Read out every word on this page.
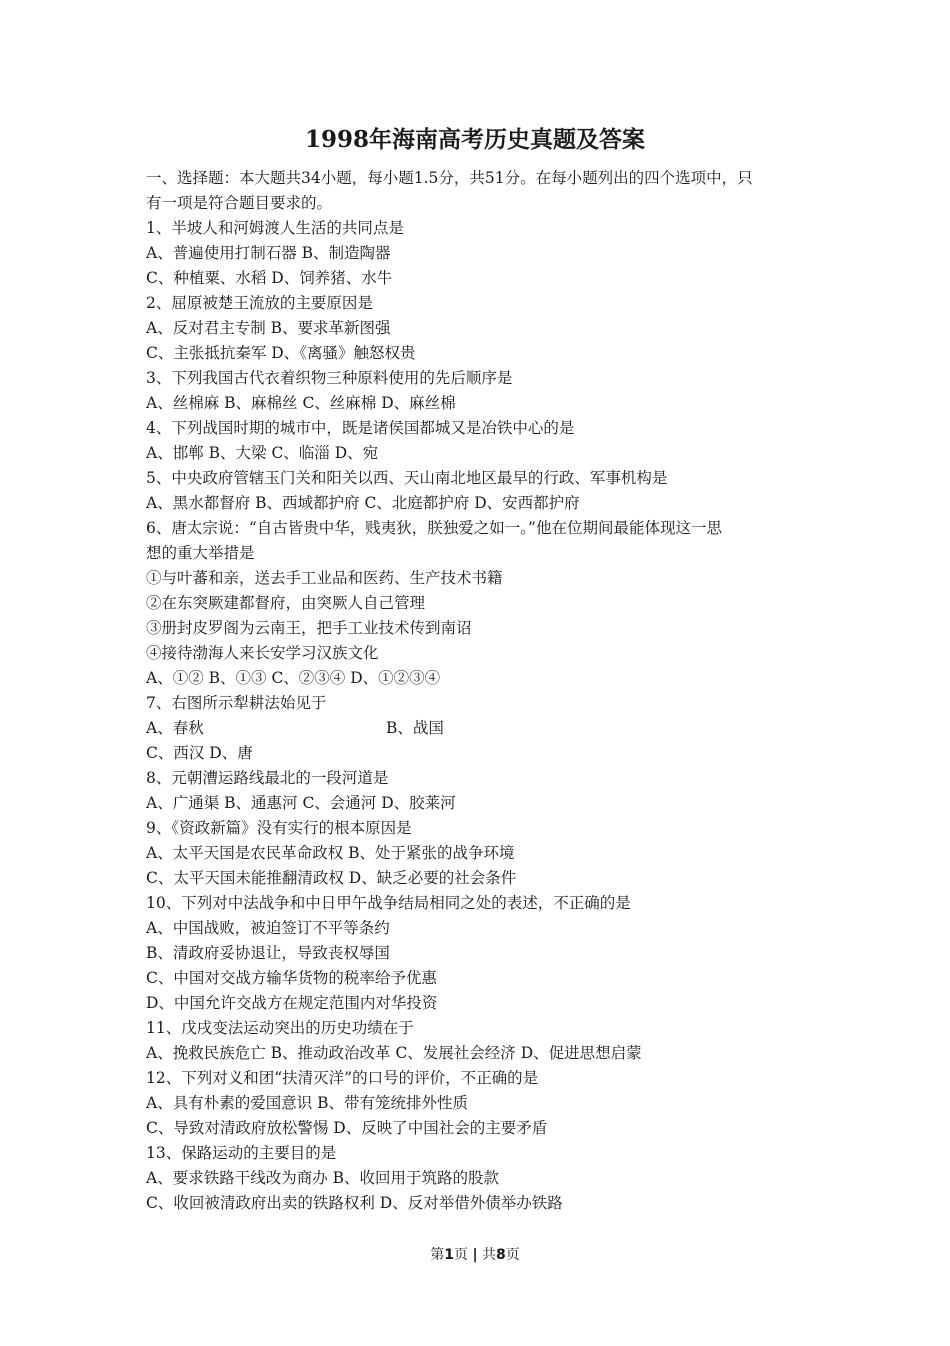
1998年海南高考历史真题及答案
一、选择题：本大题共34小题，每小题1.5分，共51分。在每小题列出的四个选项中，只
有一项是符合题目要求的。
1、半坡人和河姆渡人生活的共同点是
A、普遍使用打制石器 B、制造陶器
C、种植粟、水稻 D、饲养猪、水牛
2、屈原被楚王流放的主要原因是
A、反对君主专制 B、要求革新图强
C、主张抵抗秦军 D、《离骚》触怒权贵
3、下列我国古代衣着织物三种原料使用的先后顺序是
A、丝棉麻 B、麻棉丝 C、丝麻棉 D、麻丝棉
4、下列战国时期的城市中，既是诸侯国都城又是冶铁中心的是
A、邯郸 B、大梁 C、临淄 D、宛
5、中央政府管辖玉门关和阳关以西、天山南北地区最早的行政、军事机构是
A、黑水都督府 B、西域都护府 C、北庭都护府 D、安西都护府
6、唐太宗说：“自古皆贵中华，贱夷狄，朕独爱之如一。”他在位期间最能体现这一思
想的重大举措是
①与叶蕃和亲，送去手工业品和医药、生产技术书籍
②在东突厥建都督府，由突厥人自己管理
③册封皮罗阁为云南王，把手工业技术传到南诏
④接待渤海人来长安学习汉族文化
A、①② B、①③ C、②③④ D、①②③④
7、右图所示犁耕法始见于
A、春秋	B、战国
C、西汉 D、唐
8、元朝漕运路线最北的一段河道是
A、广通渠 B、通惠河 C、会通河 D、胶莱河
9、《资政新篇》没有实行的根本原因是
A、太平天国是农民革命政权 B、处于紧张的战争环境
C、太平天国未能推翻清政权 D、缺乏必要的社会条件
10、下列对中法战争和中日甲午战争结局相同之处的表述，不正确的是
A、中国战败，被迫签订不平等条约
B、清政府妥协退让，导致丧权辱国
C、中国对交战方输华货物的税率给予优惠
D、中国允许交战方在规定范围内对华投资
11、戊戌变法运动突出的历史功绩在于
A、挽救民族危亡 B、推动政治改革 C、发展社会经济 D、促进思想启蒙
12、下列对义和团“扶清灭洋”的口号的评价，不正确的是
A、具有朴素的爱国意识 B、带有笼统排外性质
C、导致对清政府放松警惕 D、反映了中国社会的主要矛盾
13、保路运动的主要目的是
A、要求铁路干线改为商办 B、收回用于筑路的股款
C、收回被清政府出卖的铁路权利 D、反对举借外债举办铁路
第1页 | 共8页
